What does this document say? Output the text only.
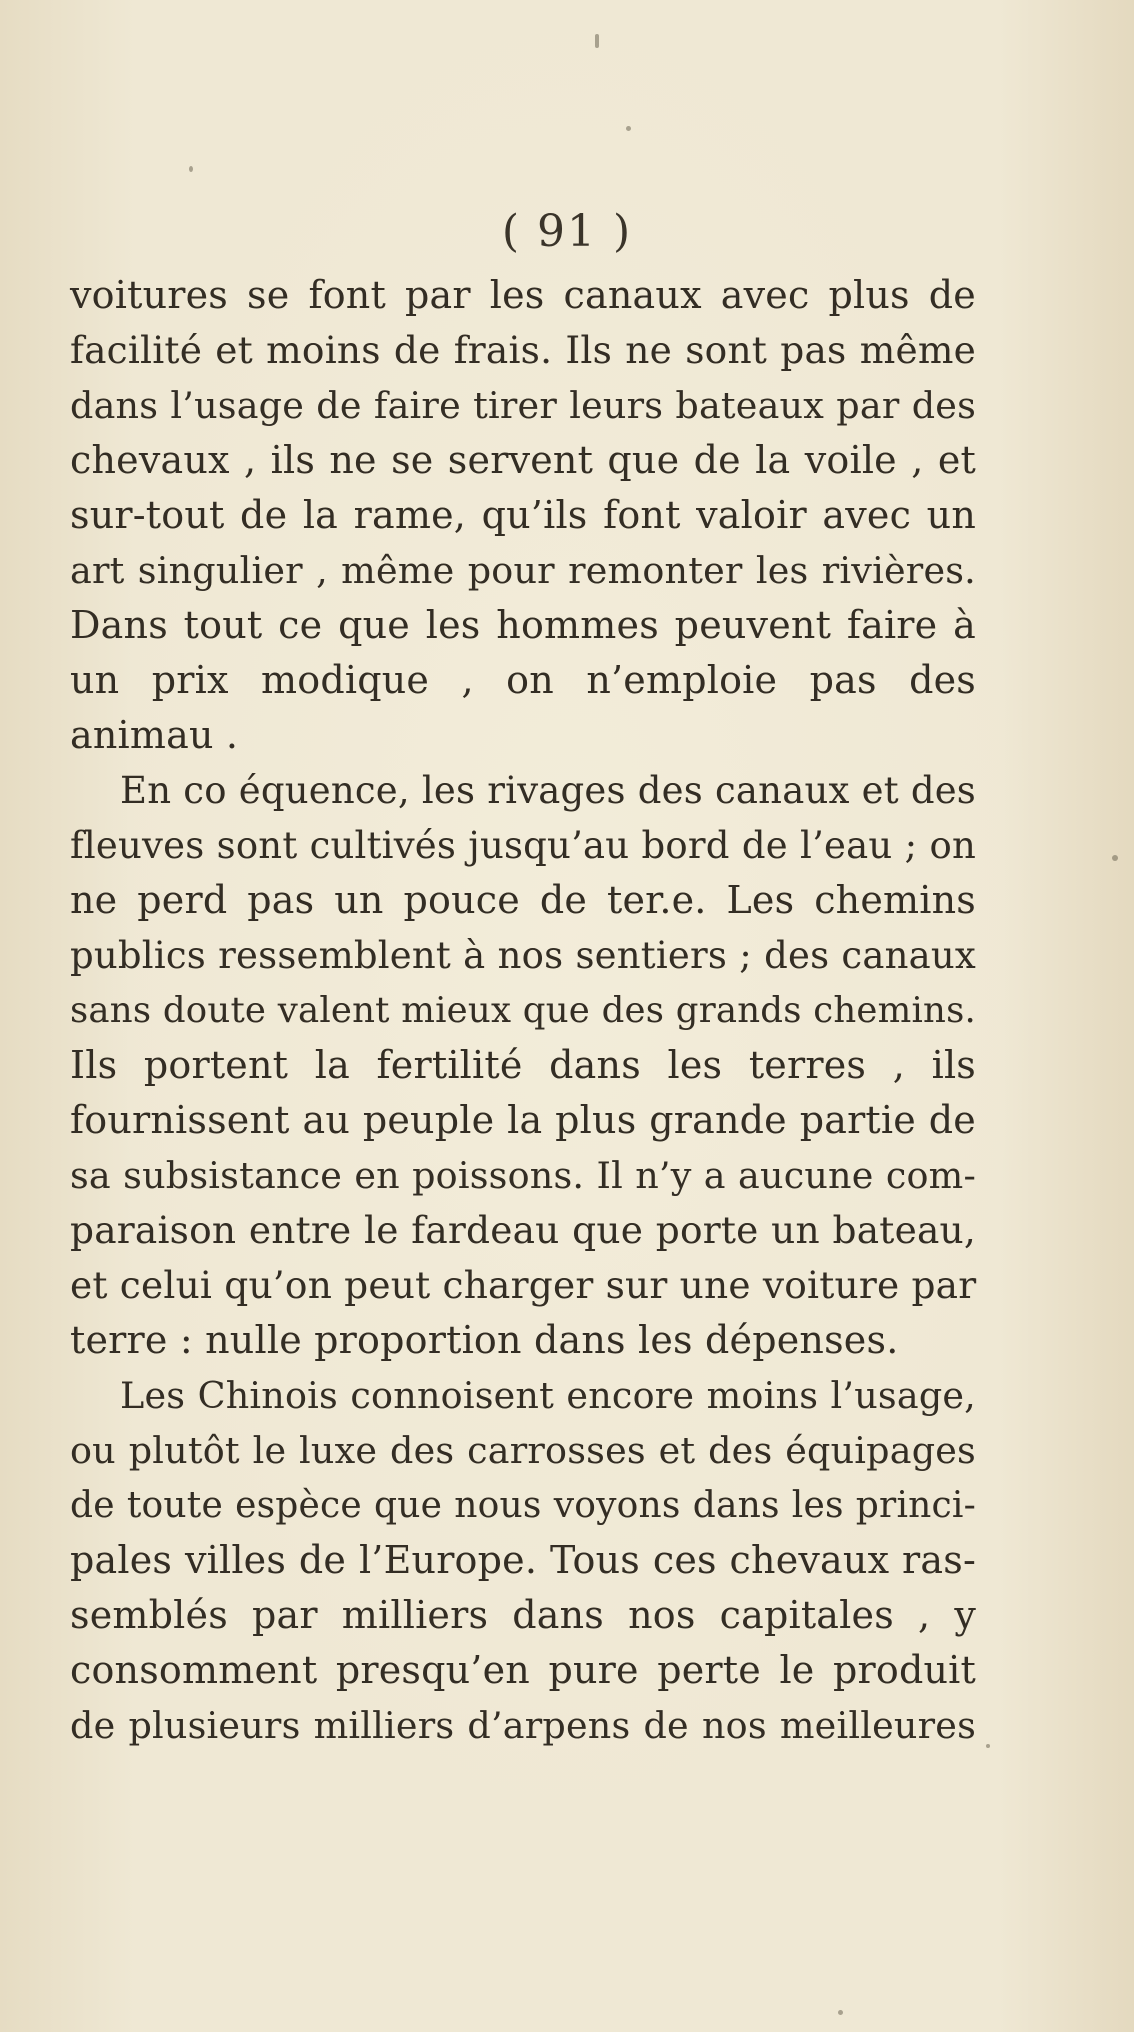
( 91 )
voitures se font par les canaux avec plus de
facilité et moins de frais. Ils ne sont pas même
dans l’usage de faire tirer leurs bateaux par des
chevaux , ils ne se servent que de la voile , et
sur-tout de la rame, qu’ils font valoir avec un
art singulier , même pour remonter les rivières.
Dans tout ce que les hommes peuvent faire à
un prix modique , on n’emploie pas des
animau .
En co équence, les rivages des canaux et des
fleuves sont cultivés jusqu’au bord de l’eau ; on
ne perd pas un pouce de ter.e. Les chemins
publics ressemblent à nos sentiers ; des canaux
sans doute valent mieux que des grands chemins.
Ils portent la fertilité dans les terres , ils
fournissent au peuple la plus grande partie de
sa subsistance en poissons. Il n’y a aucune com-
paraison entre le fardeau que porte un bateau,
et celui qu’on peut charger sur une voiture par
terre : nulle proportion dans les dépenses.
Les Chinois connoisent encore moins l’usage,
ou plutôt le luxe des carrosses et des équipages
de toute espèce que nous voyons dans les princi-
pales villes de l’Europe. Tous ces chevaux ras-
semblés par milliers dans nos capitales , y
consomment presqu’en pure perte le produit
de plusieurs milliers d’arpens de nos meilleures
